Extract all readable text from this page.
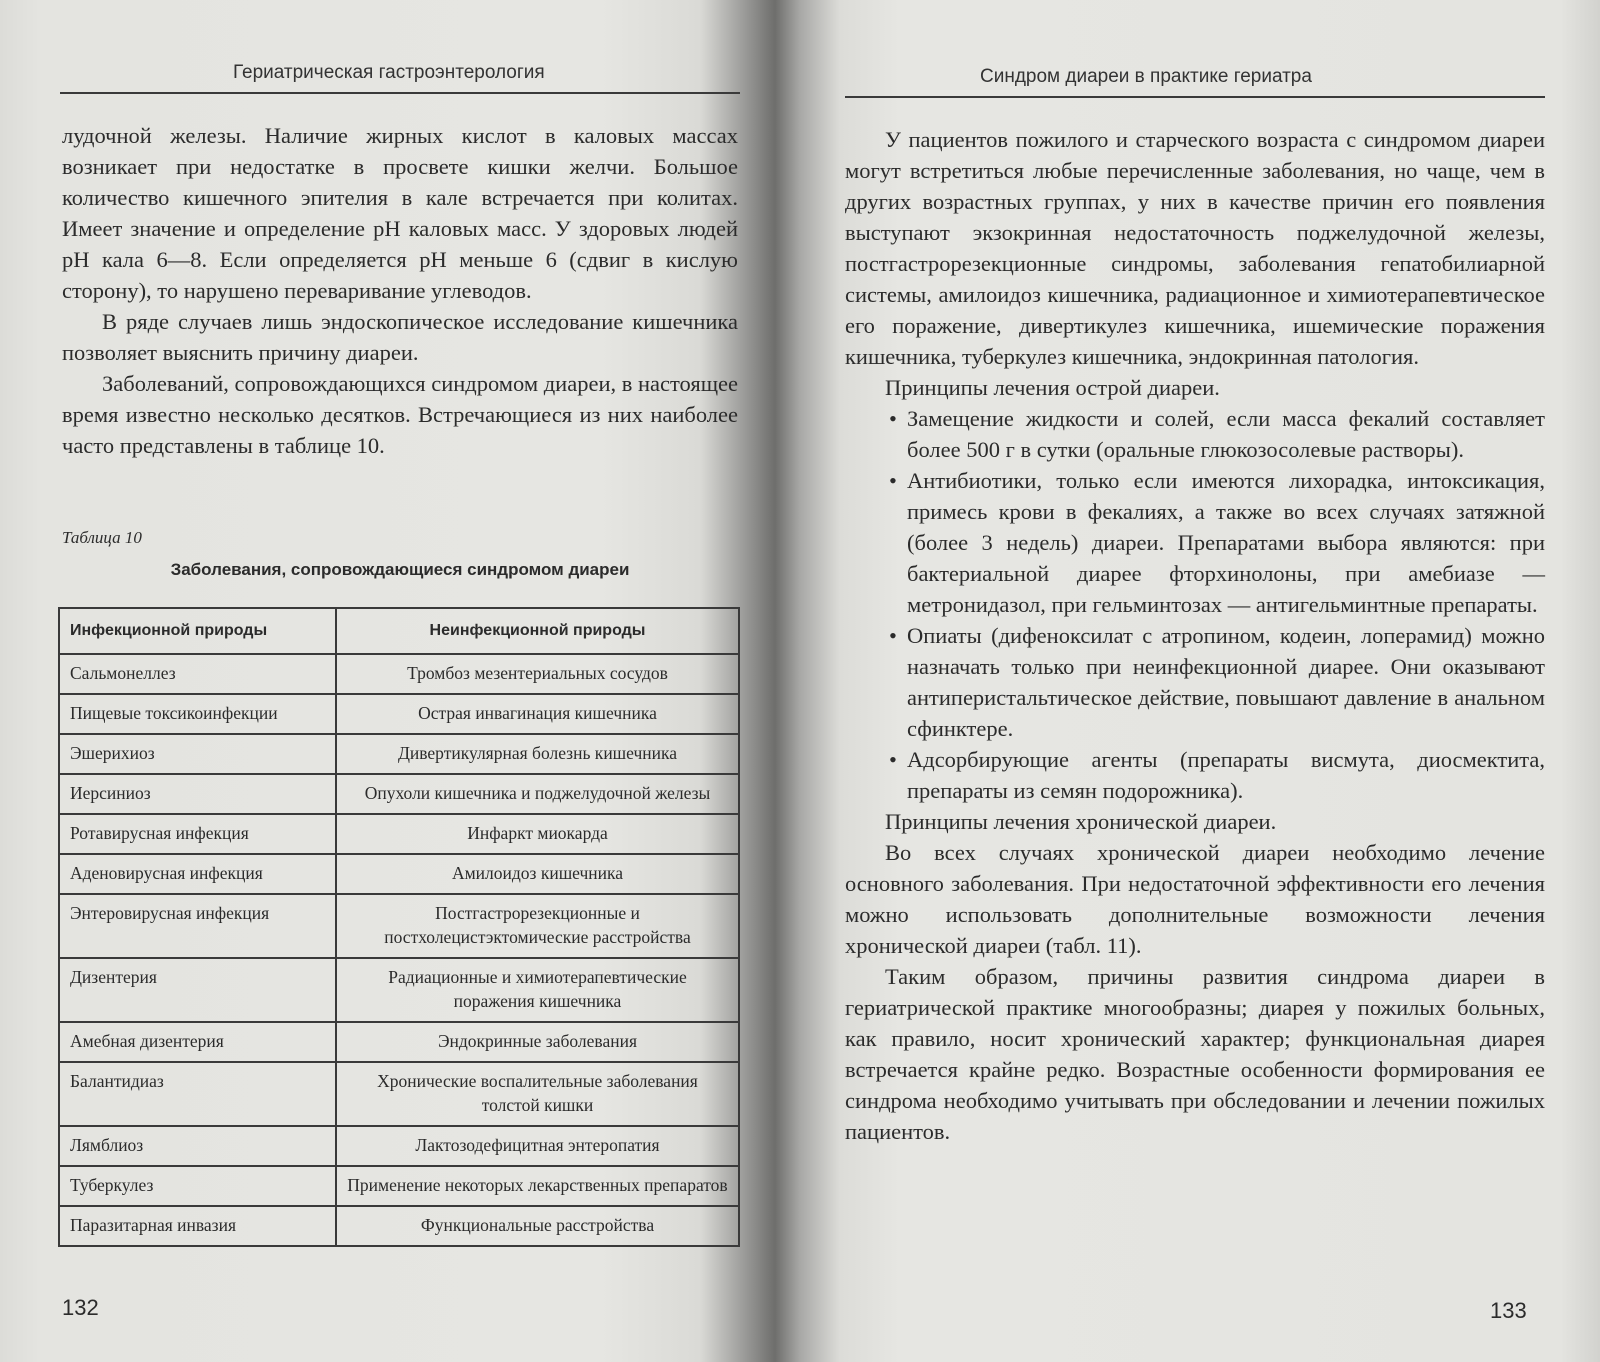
Гериатрическая гастроэнтерология

лудочной железы. Наличие жирных кислот в каловых массах возникает при недостатке в просвете кишки желчи. Большое количество кишечного эпителия в кале встречается при колитах. Имеет значение и определение pH каловых масс. У здоровых людей pH кала 6—8. Если определяется pH меньше 6 (сдвиг в кислую сторону), то нарушено переваривание углеводов.

В ряде случаев лишь эндоскопическое исследование кишечника позволяет выяснить причину диареи.

Заболеваний, сопровождающихся синдромом диареи, в настоящее время известно несколько десятков. Встречающиеся из них наиболее часто представлены в таблице 10.

Таблица 10
Заболевания, сопровождающиеся синдромом диареи
Инфекционной природы	Неинфекционной природы
Сальмонеллез	Тромбоз мезентериальных сосудов
Пищевые токсикоинфекции	Острая инвагинация кишечника
Эшерихиоз	Дивертикулярная болезнь кишечника
Иерсиниоз	Опухоли кишечника и поджелудочной железы
Ротавирусная инфекция	Инфаркт миокарда
Аденовирусная инфекция	Амилоидоз кишечника
Энтеровирусная инфекция	Постгастрорезекционные и постхолецистэктомические расстройства
Дизентерия	Радиационные и химиотерапевтические поражения кишечника
Амебная дизентерия	Эндокринные заболевания
Балантидиаз	Хронические воспалительные заболевания толстой кишки
Лямблиоз	Лактозодефицитная энтеропатия
Туберкулез	Применение некоторых лекарственных препаратов
Паразитарная инвазия	Функциональные расстройства
132
Синдром диареи в практике гериатра

У пациентов пожилого и старческого возраста с синдромом диареи могут встретиться любые перечисленные заболевания, но чаще, чем в других возрастных группах, у них в качестве причин его появления выступают экзокринная недостаточность поджелудочной железы, постгастрорезекционные синдромы, заболевания гепатобилиарной системы, амилоидоз кишечника, радиационное и химиотерапевтическое его поражение, дивертикулез кишечника, ишемические поражения кишечника, туберкулез кишечника, эндокринная патология.

Принципы лечения острой диареи.

• Замещение жидкости и солей, если масса фекалий составляет более 500 г в сутки (оральные глюкозосолевые растворы).
• Антибиотики, только если имеются лихорадка, интоксикация, примесь крови в фекалиях, а также во всех случаях затяжной (более 3 недель) диареи. Препаратами выбора являются: при бактериальной диарее фторхинолоны, при амебиазе — метронидазол, при гельминтозах — антигельминтные препараты.
• Опиаты (дифеноксилат с атропином, кодеин, лоперамид) можно назначать только при неинфекционной диарее. Они оказывают антиперистальтическое действие, повышают давление в анальном сфинктере.
• Адсорбирующие агенты (препараты висмута, диосмектита, препараты из семян подорожника).

Принципы лечения хронической диареи.

Во всех случаях хронической диареи необходимо лечение основного заболевания. При недостаточной эффективности его лечения можно использовать дополнительные возможности лечения хронической диареи (табл. 11).

Таким образом, причины развития синдрома диареи в гериатрической практике многообразны; диарея у пожилых больных, как правило, носит хронический характер; функциональная диарея встречается крайне редко. Возрастные особенности формирования ее синдрома необходимо учитывать при обследовании и лечении пожилых пациентов.

133
